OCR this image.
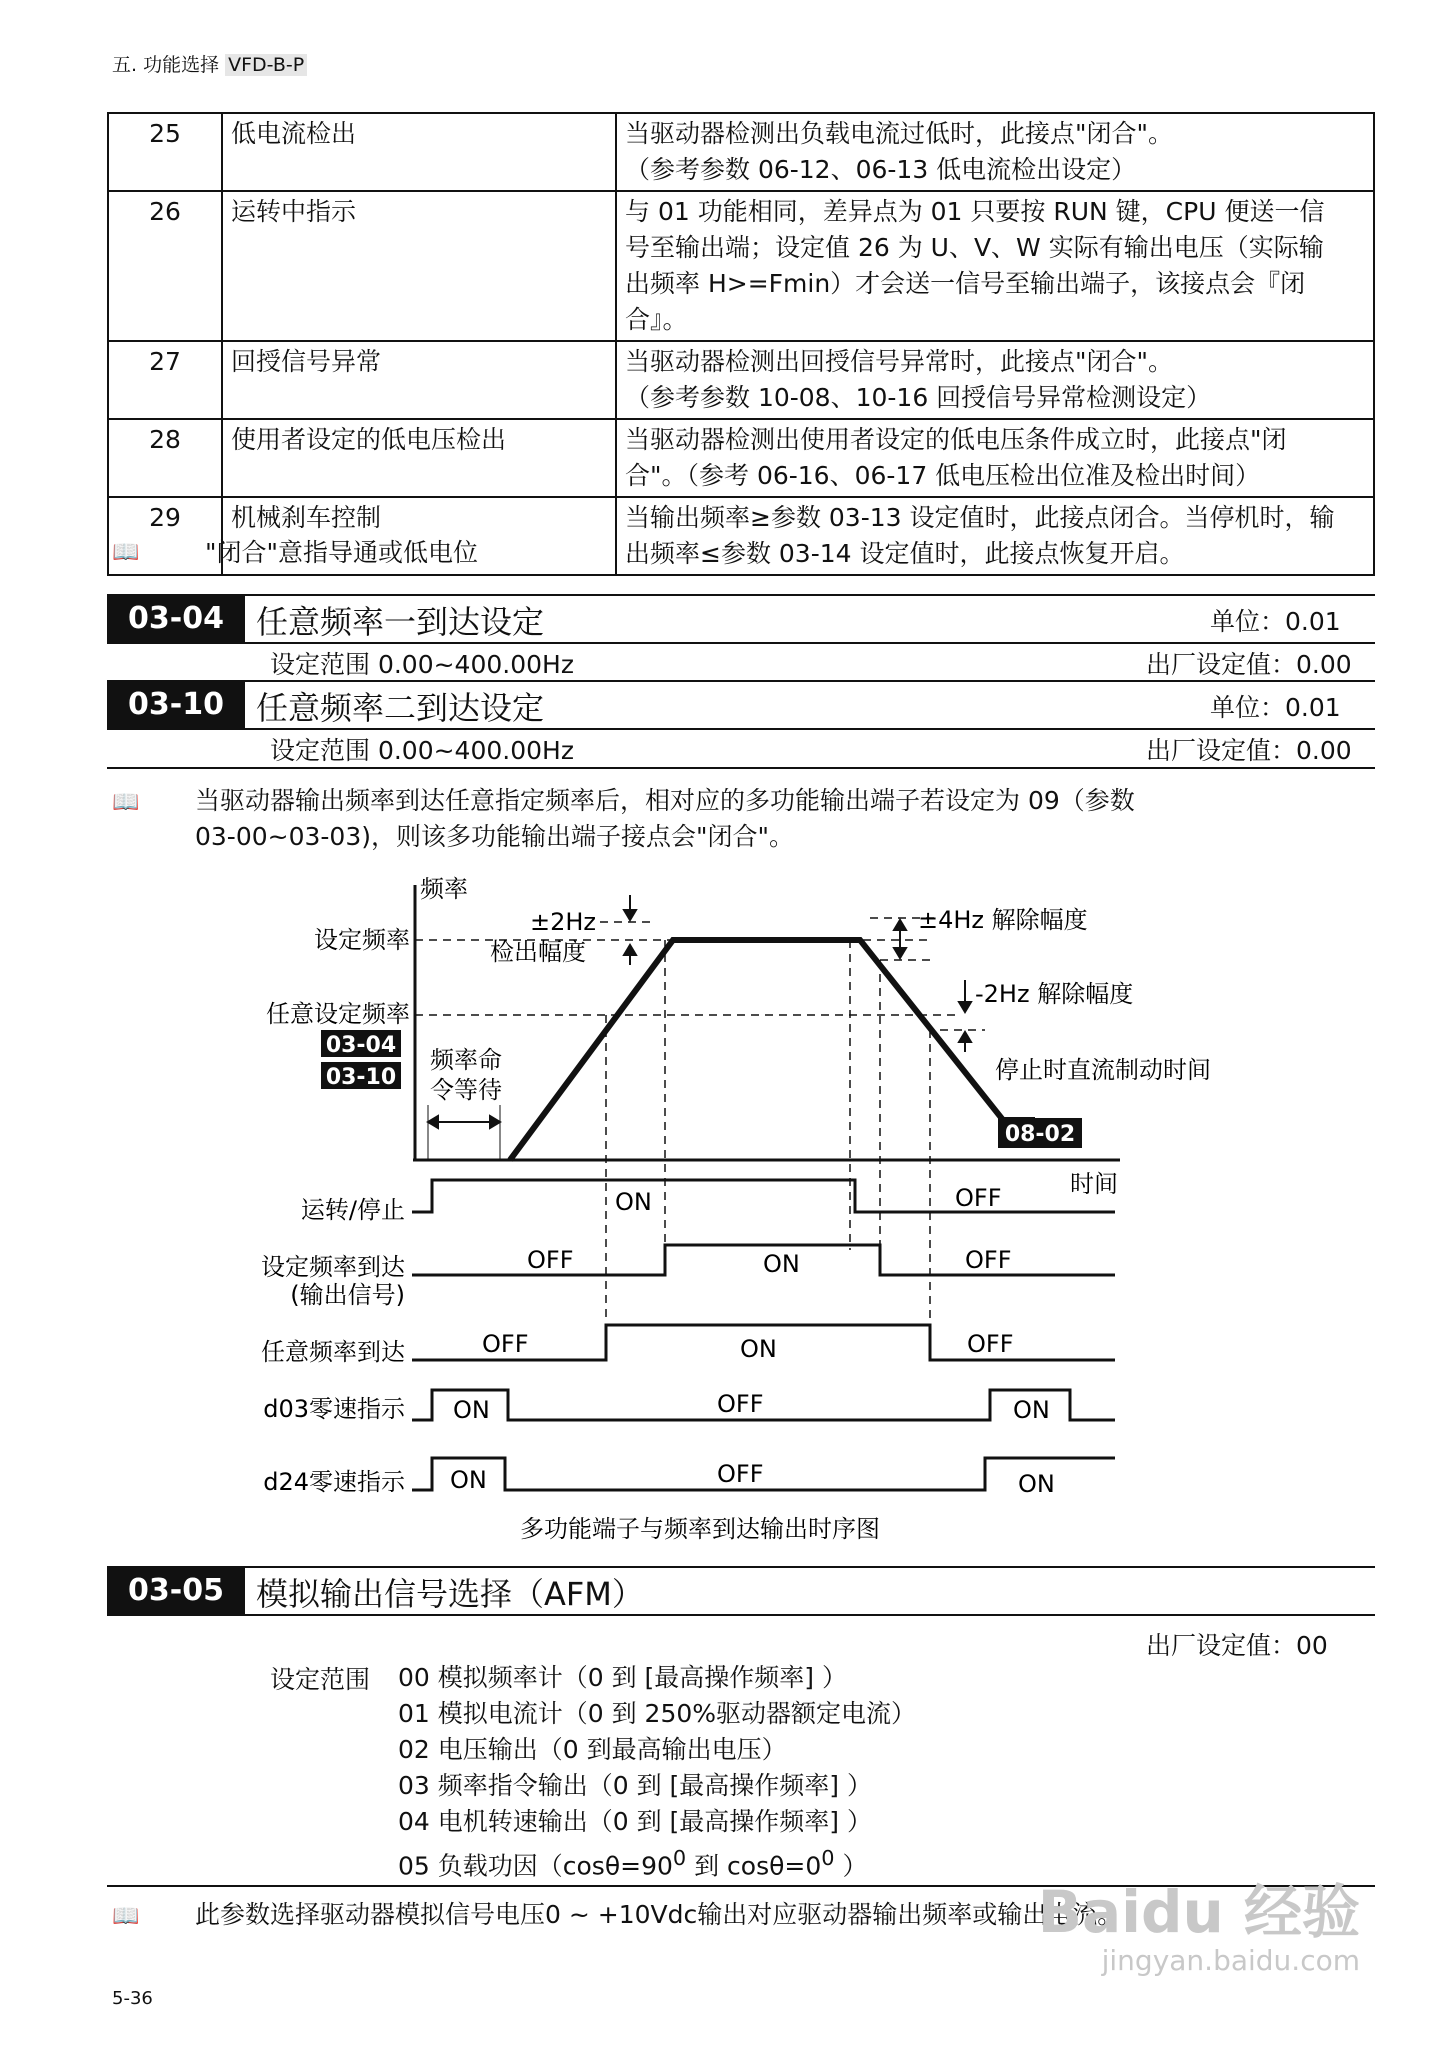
五. 功能选择 VFD-B-P
25	低电流检出	当驱动器检测出负载电流过低时，此接点"闭合"。
（参考参数 06-12、06-13 低电流检出设定）

26	运转中指示	与 01 功能相同，差异点为 01 只要按 RUN 键，CPU 便送一信
号至输出端；设定值 26 为 U、V、W 实际有输出电压（实际输
出频率 H>=Fmin）才会送一信号至输出端子，该接点会『闭合』。

27	回授信号异常	当驱动器检测出回授信号异常时，此接点"闭合"。
（参考参数 10-08、10-16 回授信号异常检测设定）

28	使用者设定的低电压检出	当驱动器检测出使用者设定的低电压条件成立时，此接点"闭
合"。（参考 06-16、06-17 低电压检出位准及检出时间）

29	机械刹车控制	当输出频率≥参数 03-13 设定值时，此接点闭合。当停机时，输
出频率≤参数 03-14 设定值时，此接点恢复开启。
📖	"闭合"意指导通或低电位
03-04	任意频率一到达设定	单位：0.01
设定范围 0.00~400.00Hz	出厂设定值：0.00
03-10	任意频率二到达设定	单位：0.01
设定范围 0.00~400.00Hz	出厂设定值：0.00
📖 当驱动器输出频率到达任意指定频率后，相对应的多功能输出端子若设定为 09（参数
03-00~03-03)，则该多功能输出端子接点会"闭合"。
频率
时间
设定频率
任意设定频率
03-04
03-10
频率命
令等待
±2Hz
检出幅度
±4Hz 解除幅度
-2Hz 解除幅度
停止时直流制动时间
08-02
运转/停止
设定频率到达
(输出信号)
任意频率到达
d03零速指示
d24零速指示
ON	OFF
OFF	ON	OFF
OFF	ON	OFF
ON	OFF	ON
ON	OFF	ON
多功能端子与频率到达输出时序图
03-05	模拟输出信号选择（AFM）
出厂设定值：00
设定范围 00 模拟频率计（0 到 [最高操作频率] ）
01 模拟电流计（0 到 250%驱动器额定电流）
02 电压输出（0 到最高输出电压）
03 频率指令输出（0 到 [最高操作频率] ）
04 电机转速输出（0 到 [最高操作频率] ）
05 负载功因（$\cos\theta=90^0$ 到 $\cos\theta=0^0$ ）
📖 此参数选择驱动器模拟信号电压0 ~ +10Vdc输出对应驱动器输出频率或输出电流。
5-36
Baidu 经验
jingyan.baidu.com
